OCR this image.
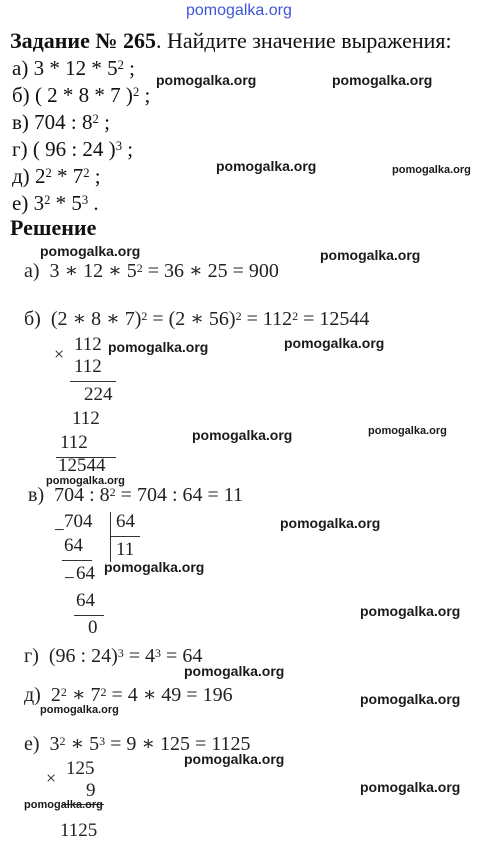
pomogalka.org
Задание № 265. Найдите значение выражения:
а) $3 * 12 * 5^2$ ;
б) ( 2 * 8 * 7 )$^2$ ;
в) 704 : $8^2$ ;
г) ( 96 : 24 )$^3$ ;
д) $2^2 * 7^2$ ;
е) $3^2 * 5^3$ .
Решение
а) 3 ∗ 12 ∗ $5^2 = 36$ ∗ 25 = 900
б) (2 ∗ 8 ∗ 7)$^2$ = (2 ∗ $56)^2 = 112^2 = 12544$
× 112
112
224
112
112
12544
в) 704 : $8^2 = 704$ : 64 = 11
− 704 64
11
64
− 64
64
0
г) (96 : $24)^3 = 4^3 = 64$
д) $2^2$ ∗ $7^2 = 4$ ∗ 49 = 196
е) $3^2$ ∗ $5^3 = 9$ ∗ 125 = 1125
× 125
9
1125
pomogalka.org	pomogalka.org
pomogalka.org	pomogalka.org
pomogalka.org	pomogalka.org
pomogalka.org	pomogalka.org
pomogalka.org	pomogalka.org
pomogalka.org
pomogalka.org
pomogalka.org
pomogalka.org
pomogalka.org
pomogalka.org
pomogalka.org
pomogalka.org
pomogalka.org
pomogalka.org
